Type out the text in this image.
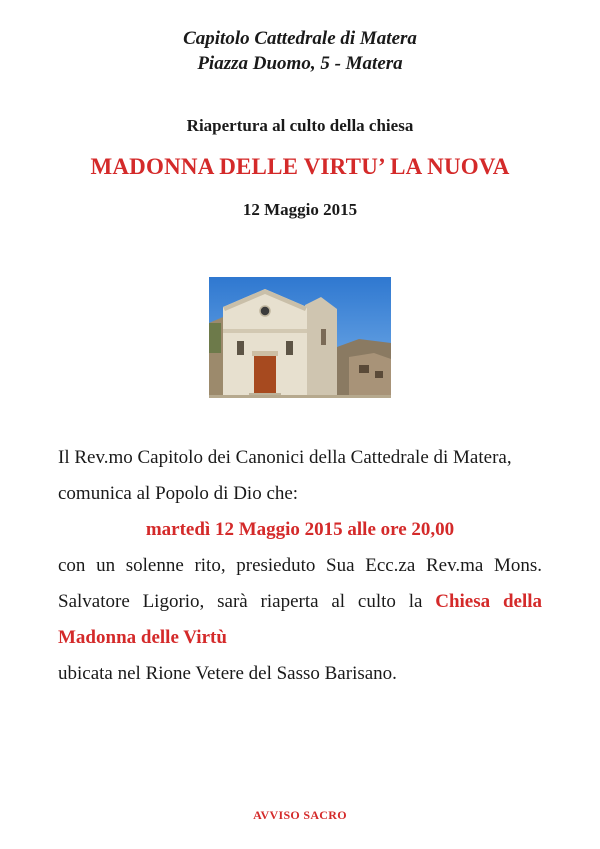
Capitolo Cattedrale di Matera
Piazza Duomo, 5 - Matera
Riapertura al culto della chiesa
MADONNA DELLE VIRTU’ LA NUOVA
12 Maggio 2015

Il Rev.mo Capitolo dei Canonici della Cattedrale di Matera,

comunica al Popolo di Dio che:

martedì 12 Maggio 2015 alle ore 20,00

con un solenne rito, presieduto Sua Ecc.za Rev.ma Mons. Salvatore Ligorio, sarà riaperta al culto la Chiesa della Madonna delle Virtù

ubicata nel Rione Vetere del Sasso Barisano.

AVVISO SACRO
